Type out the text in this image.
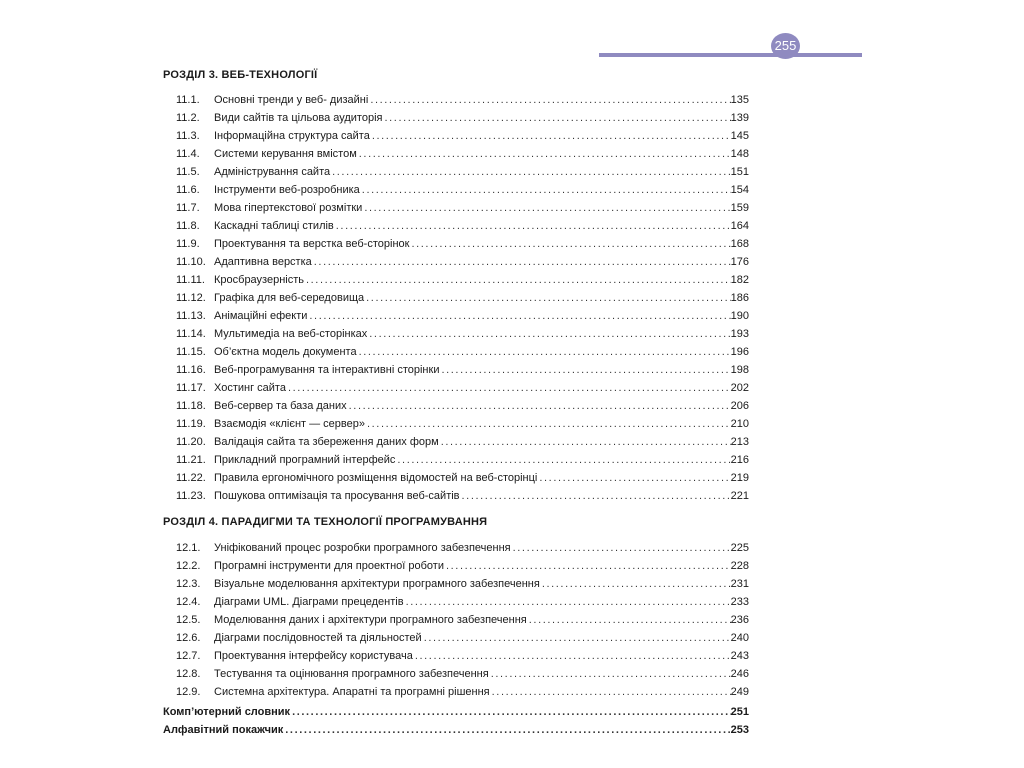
255
РОЗДІЛ 3. ВЕБ-ТЕХНОЛОГІЇ
11.1.	Основні тренди у веб- дизайні .....	135
11.2.	Види сайтів та цільова аудиторія .....	139
11.3.	Інформаційна структура сайта .....	145
11.4.	Системи керування вмістом .....	148
11.5.	Адміністрування сайта .....	151
11.6.	Інструменти веб-розробника .....	154
11.7.	Мова гіпертекстової розмітки .....	159
11.8.	Каскадні таблиці стилів .....	164
11.9.	Проектування та верстка веб-сторінок .....	168
11.10. Адаптивна верстка .....	176
11.11. Кросбраузерність .....	182
11.12. Графіка для веб-середовища .....	186
11.13. Анімаційні ефекти .....	190
11.14. Мультимедіа на веб-сторінках .....	193
11.15. Об’єктна модель документа .....	196
11.16. Веб-програмування та інтерактивні сторінки .....	198
11.17. Хостинг сайта .....	202
11.18. Веб-сервер та база даних .....	206
11.19. Взаємодія «клієнт — сервер» .....	210
11.20. Валідація сайта та збереження даних форм .....	213
11.21. Прикладний програмний інтерфейс .....	216
11.22. Правила ергономічного розміщення відомостей на веб-сторінці .....	219
11.23. Пошукова оптимізація та просування веб-сайтів .....	221
РОЗДІЛ 4. ПАРАДИГМИ ТА ТЕХНОЛОГІЇ ПРОГРАМУВАННЯ
12.1.	Уніфікований процес розробки програмного забезпечення .....	225
12.2.	Програмні інструменти для проектної роботи .....	228
12.3.	Візуальне моделювання архітектури програмного забезпечення .....	231
12.4.	Діаграми UML. Діаграми прецедентів .....	233
12.5.	Моделювання даних і архітектури програмного забезпечення .....	236
12.6.	Діаграми послідовностей та діяльностей .....	240
12.7.	Проектування інтерфейсу користувача .....	243
12.8.	Тестування та оцінювання програмного забезпечення .....	246
12.9.	Системна архітектура. Апаратні та програмні рішення .....	249
Комп’ютерний словник .....	251
Алфавітний покажчик .....	253
